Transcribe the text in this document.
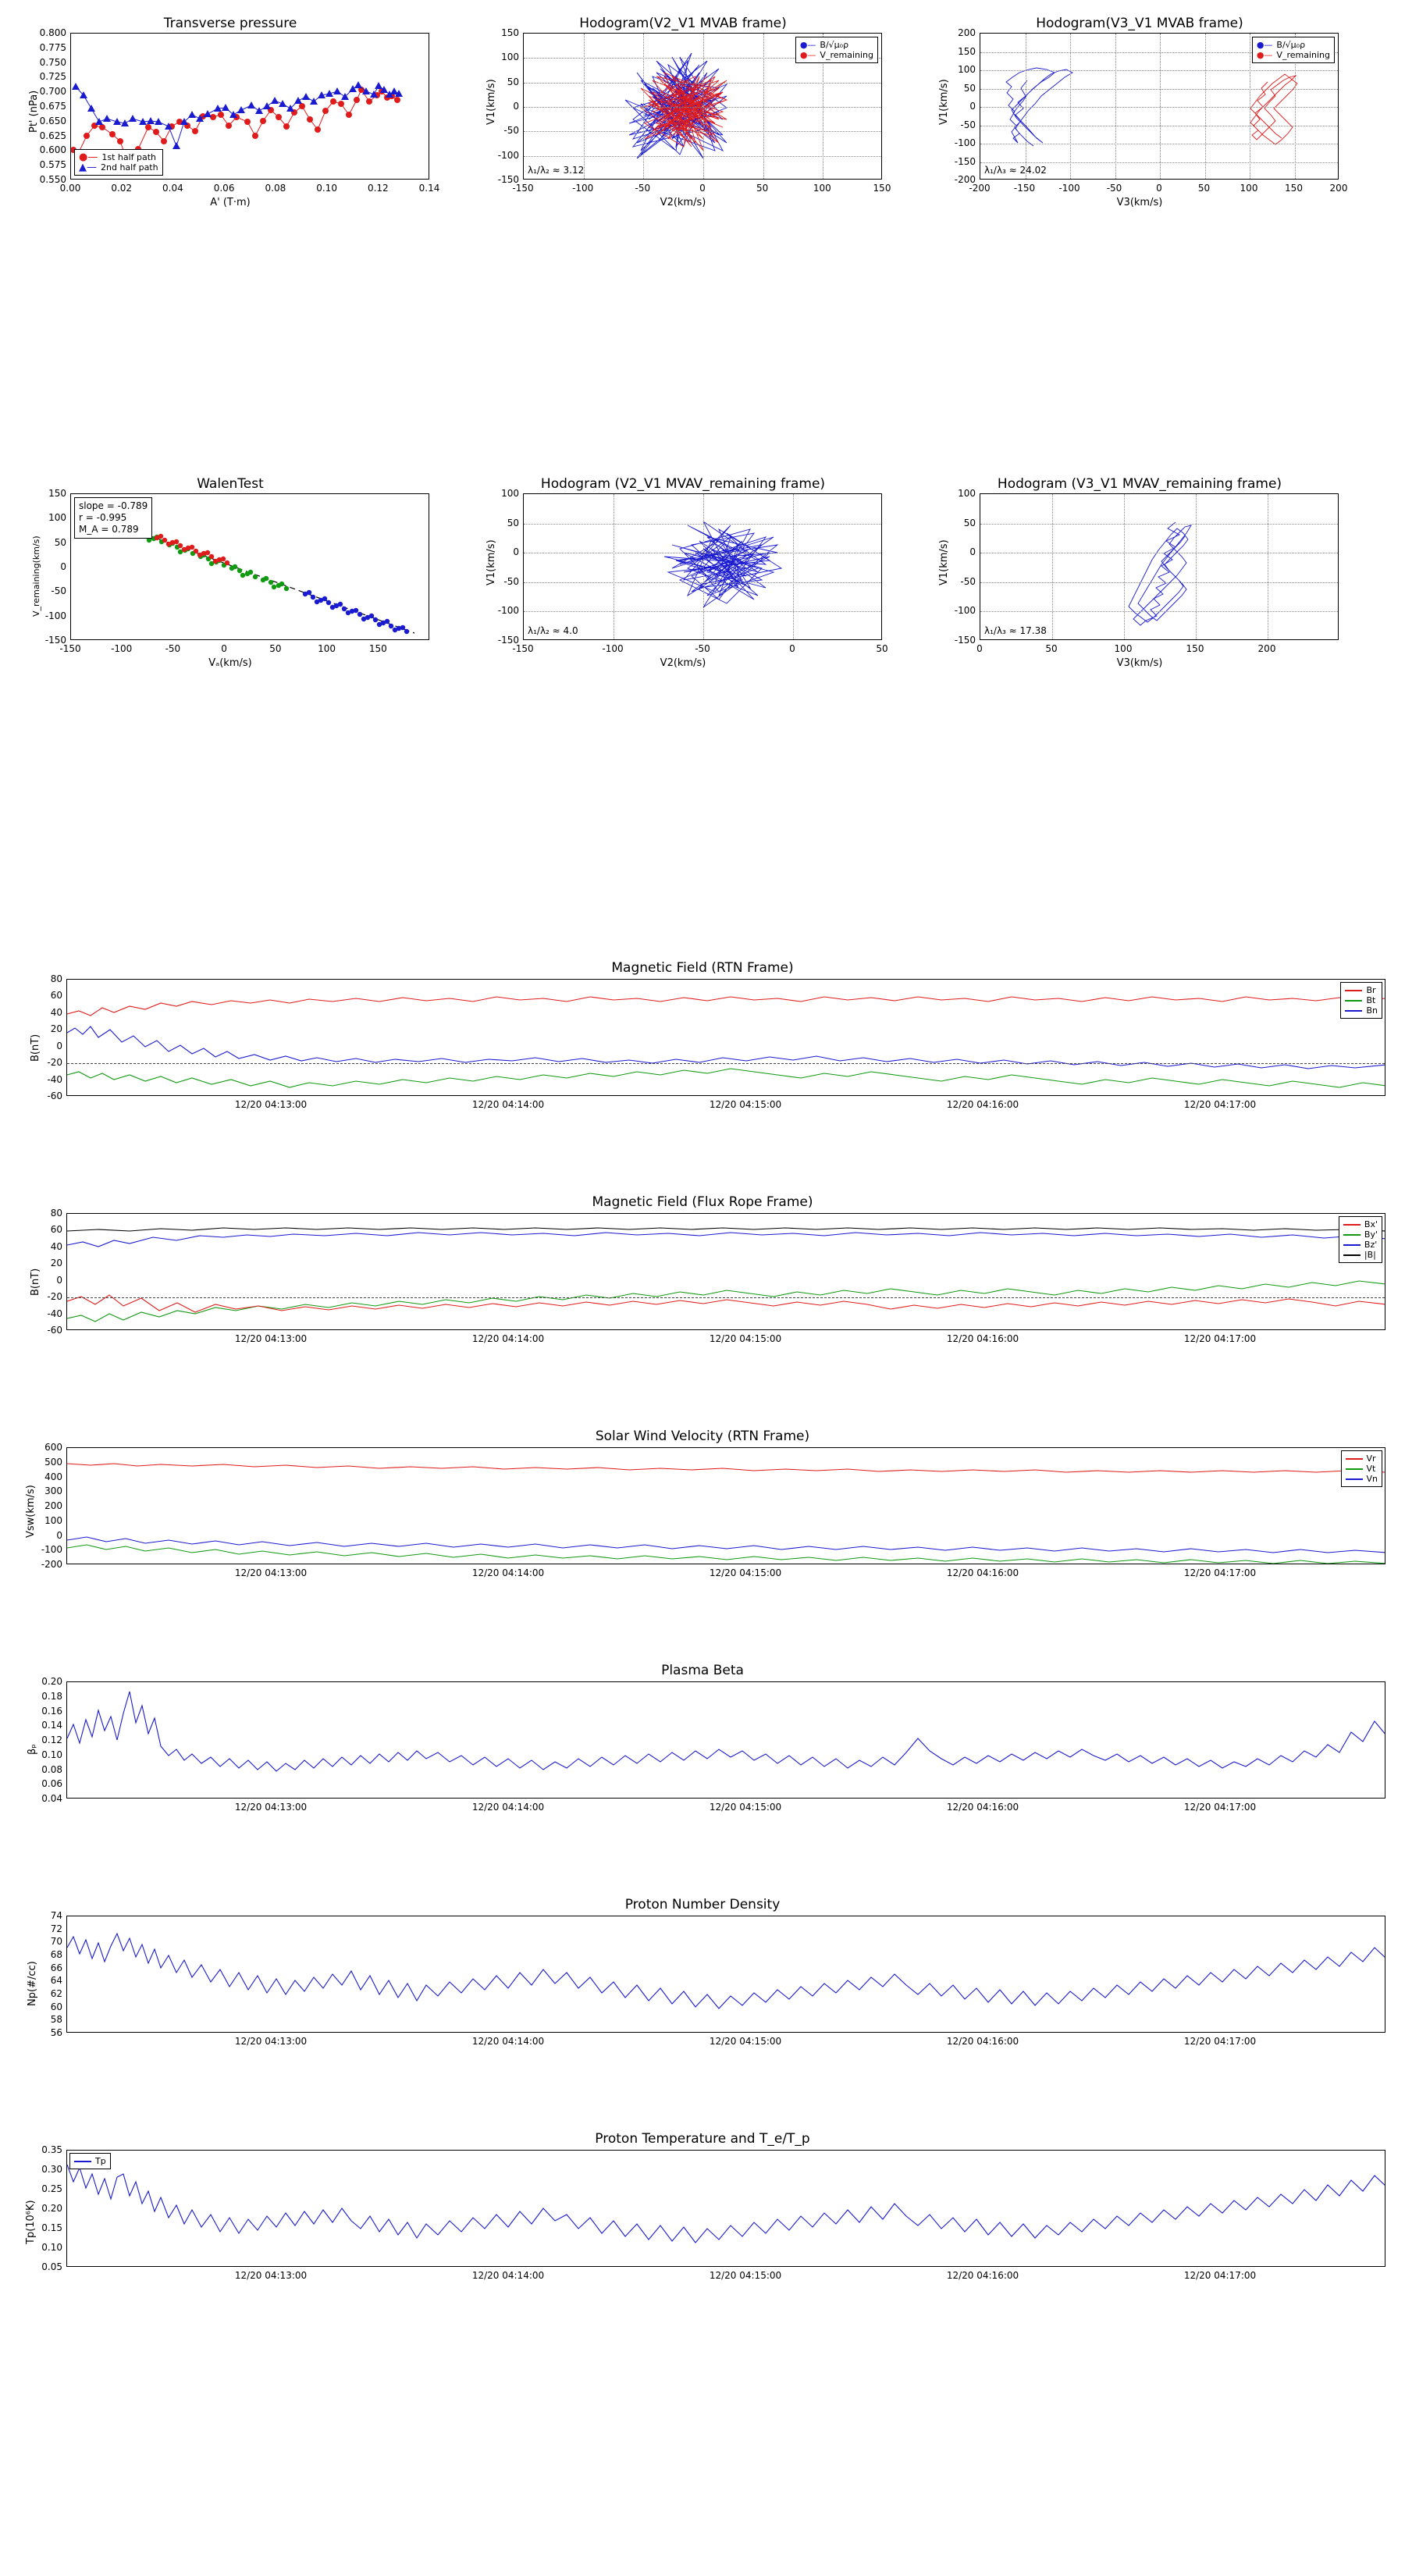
Transverse pressure
Pt' (nPa)
A' (T·m)
●— 1st half path
▲— 2nd half path
0.800
0.775
0.750
0.725
0.700
0.675
0.650
0.625
0.600
0.575
0.550
0.00	0.02	0.04	0.06	0.08	0.10	0.12	0.14
Hodogram(V2_V1 MVAB frame)
V1(km/s)
V2(km/s)
λ₁/λ₂ ≈ 3.12
●— B/√μ₀ρ
●— V_remaining
150
100
50
0
-50
-100
-150
-150	-100	-50	0	50	100	150
Hodogram(V3_V1 MVAB frame)
V1(km/s)
V3(km/s)
λ₁/λ₃ ≈ 24.02
●— B/√μ₀ρ
●— V_remaining
200
150
100
50
0
-50
-100
-150
-200
-200	-150	-100	-50	0	50	100	150	200
WalenTest
V_remaining(km/s)
Vₐ(km/s)
slope = -0.789
r = -0.995
M_A = 0.789
150
100
50
0
-50
-100
-150
-150	-100	-50	0	50	100	150
Hodogram (V2_V1 MVAV_remaining frame)
V1(km/s)
V2(km/s)
λ₁/λ₂ ≈ 4.0
100
50
0
-50
-100
-150
-150	-100	-50	0	50
Hodogram (V3_V1 MVAV_remaining frame)
V1(km/s)
V3(km/s)
λ₁/λ₃ ≈ 17.38
100
50
0
-50
-100
-150
0	50	100	150	200
Magnetic Field (RTN Frame)
B(nT)
Br
Bt
Bn
80
60
40
20
0
-20
-40
-60
12/20 04:13:00	12/20 04:14:00	12/20 04:15:00	12/20 04:16:00	12/20 04:17:00
Magnetic Field (Flux Rope Frame)
B(nT)
Bx'
By'
Bz'
|B|
80
60
40
20
0
-20
-40
-60
12/20 04:13:00	12/20 04:14:00	12/20 04:15:00	12/20 04:16:00	12/20 04:17:00
Solar Wind Velocity (RTN Frame)
Vsw(km/s)
Vr
Vt
Vn
600
500
400
300
200
100
0
-100
-200
12/20 04:13:00	12/20 04:14:00	12/20 04:15:00	12/20 04:16:00	12/20 04:17:00
Plasma Beta
βₚ
0.20
0.18
0.16
0.14
0.12
0.10
0.08
0.06
0.04
12/20 04:13:00	12/20 04:14:00	12/20 04:15:00	12/20 04:16:00	12/20 04:17:00
Proton Number Density
Np(#/cc)
74
72
70
68
66
64
62
60
58
56
12/20 04:13:00	12/20 04:14:00	12/20 04:15:00	12/20 04:16:00	12/20 04:17:00
Proton Temperature and T_e/T_p
Tp(10⁶K)
Tp
0.35
0.30
0.25
0.20
0.15
0.10
0.05
12/20 04:13:00	12/20 04:14:00	12/20 04:15:00	12/20 04:16:00	12/20 04:17:00
